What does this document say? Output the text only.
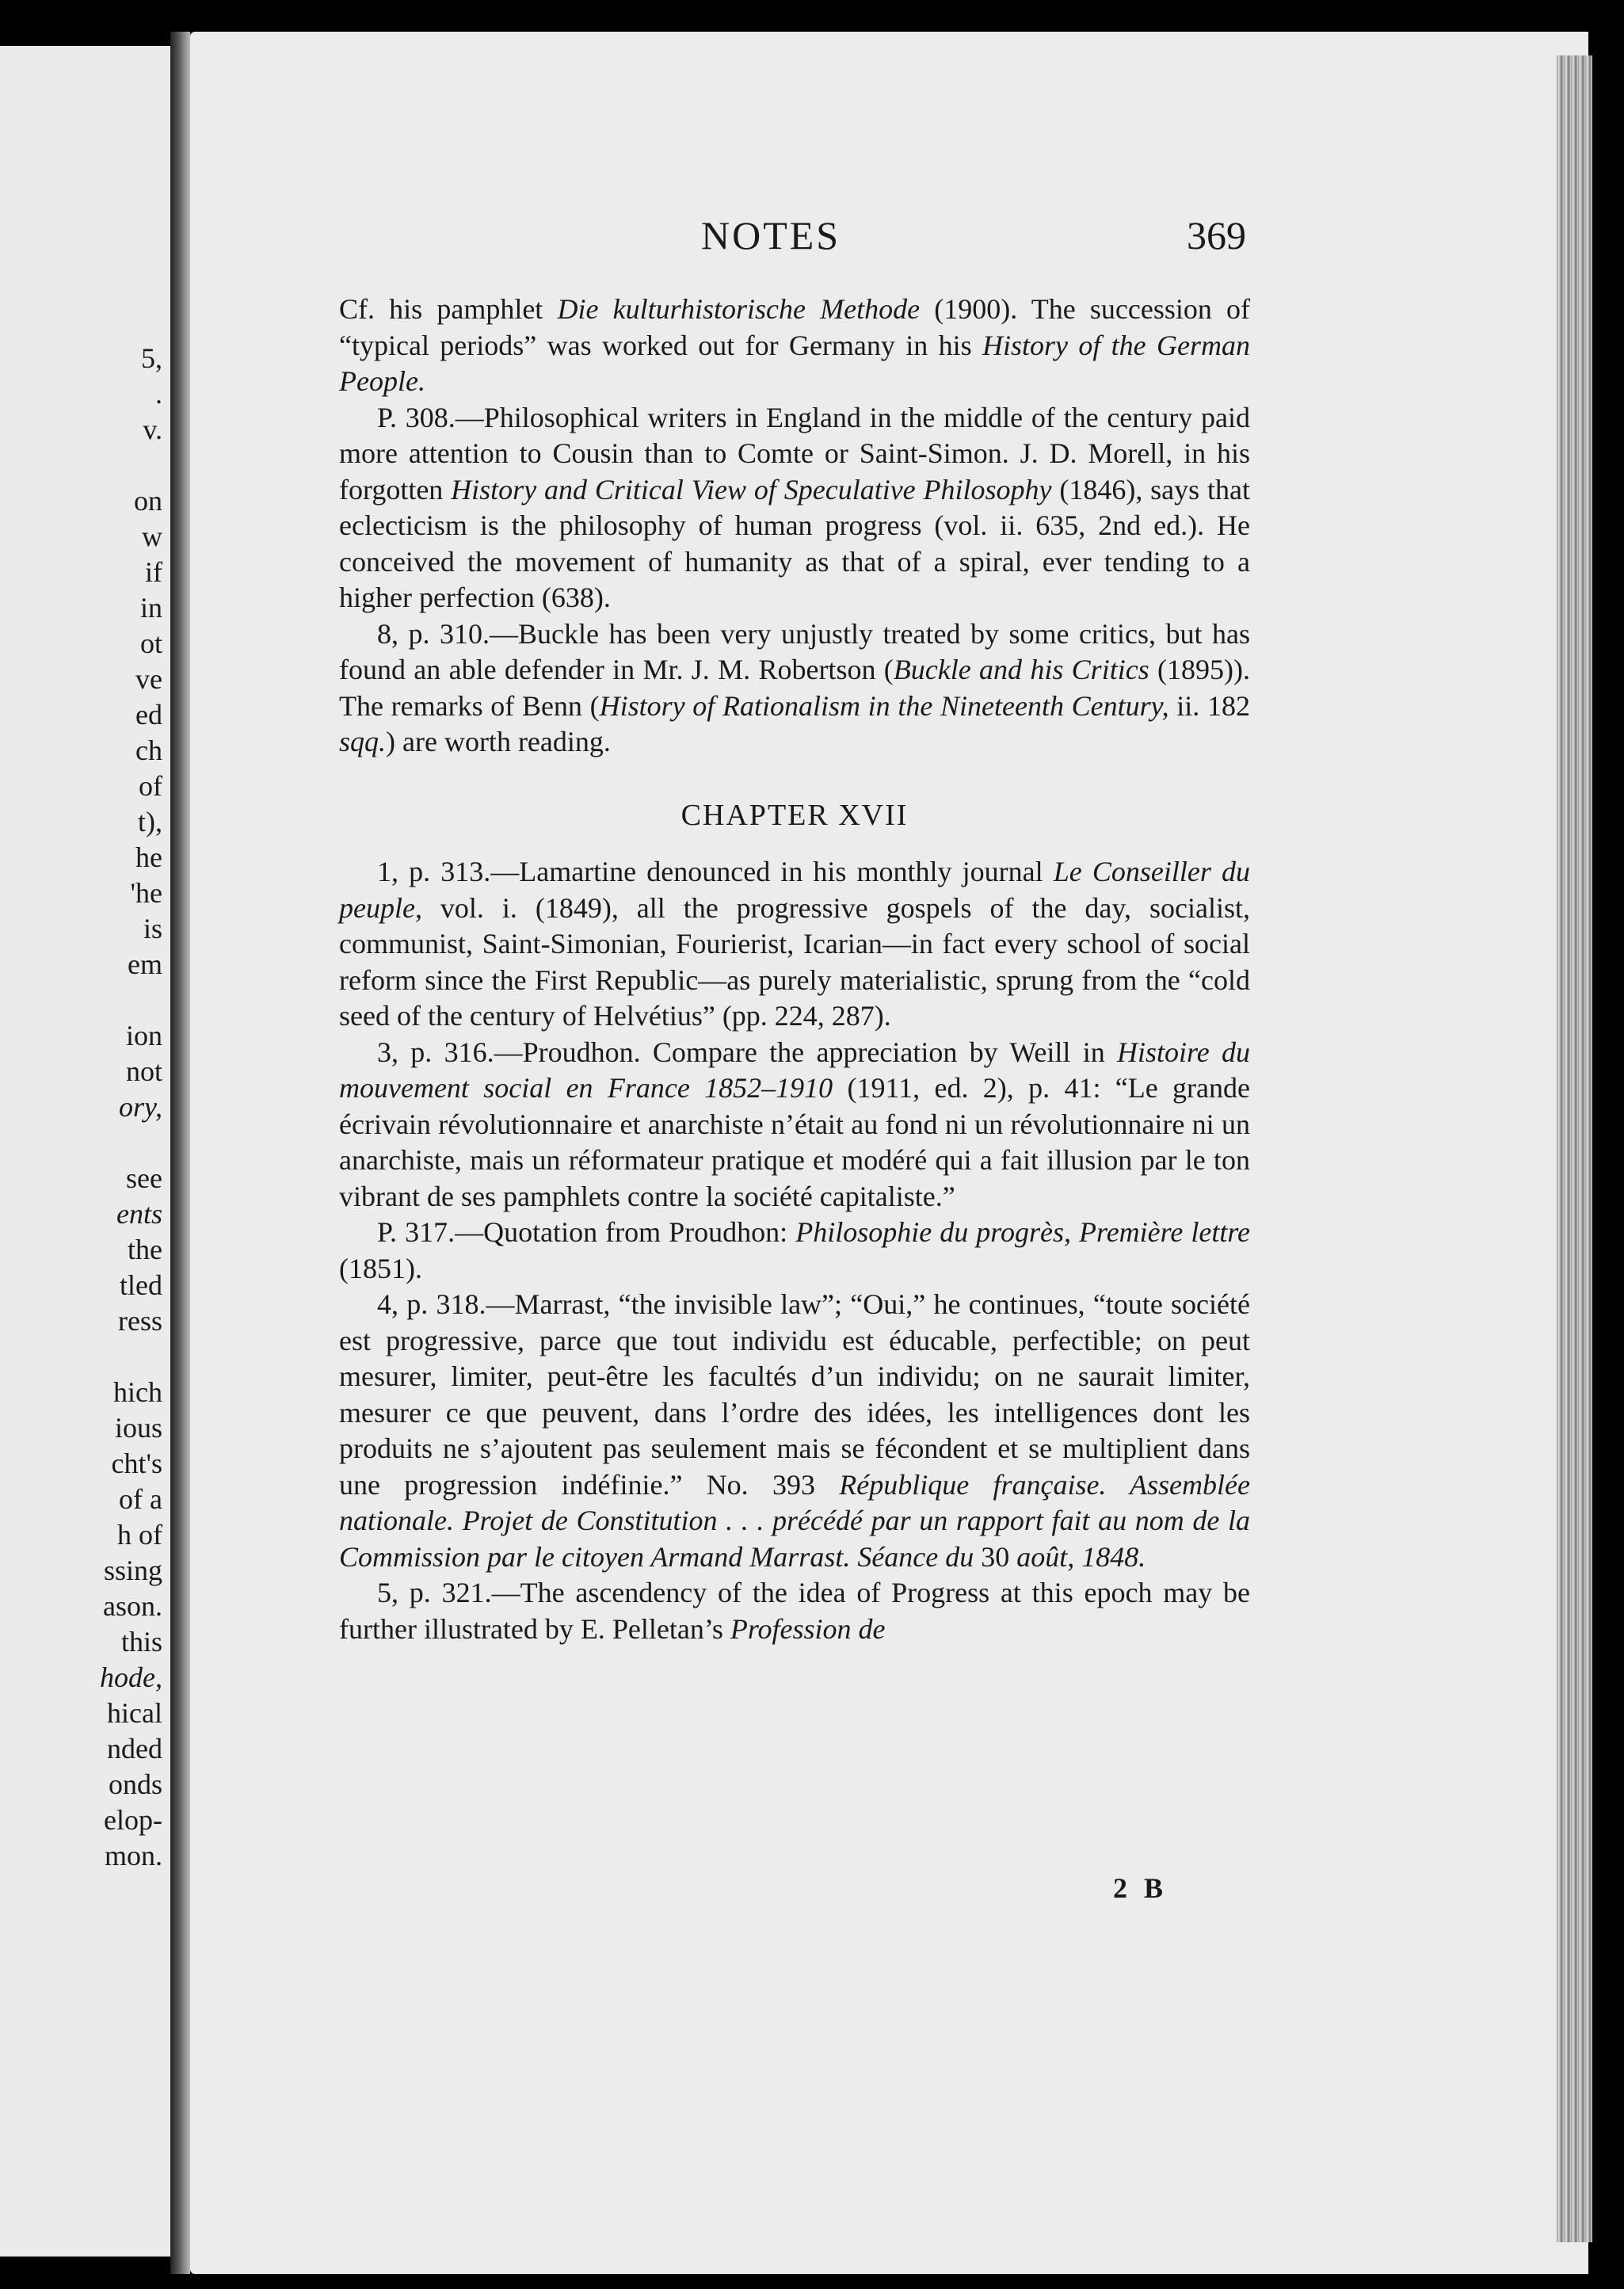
5,
.
v.
on
w
if
in
ot
ve
ed
ch
of
t),
he
'he
is
em
ion
not
ory,
see
ents
the
tled
ress
hich
ious
cht's
of a
h of
ssing
ason.
this
hode,
hical
nded
onds
elop-
mon.
NOTES	369

Cf. his pamphlet Die kulturhistorische Methode (1900). The succession of “typical periods” was worked out for Germany in his History of the German People.

P. 308.—Philosophical writers in England in the middle of the century paid more attention to Cousin than to Comte or Saint-Simon. J. D. Morell, in his forgotten History and Critical View of Speculative Philosophy (1846), says that eclecticism is the philosophy of human progress (vol. ii. 635, 2nd ed.). He conceived the movement of humanity as that of a spiral, ever tending to a higher perfection (638).

8, p. 310.—Buckle has been very unjustly treated by some critics, but has found an able defender in Mr. J. M. Robertson (Buckle and his Critics (1895)). The remarks of Benn (History of Rationalism in the Nineteenth Century, ii. 182 sqq.) are worth reading.

CHAPTER XVII

1, p. 313.—Lamartine denounced in his monthly journal Le Conseiller du peuple, vol. i. (1849), all the progressive gospels of the day, socialist, communist, Saint-Simonian, Fourierist, Icarian—in fact every school of social reform since the First Republic—as purely materialistic, sprung from the “cold seed of the century of Helvétius” (pp. 224, 287).

3, p. 316.—Proudhon. Compare the appreciation by Weill in Histoire du mouvement social en France 1852–1910 (1911, ed. 2), p. 41: “Le grande écrivain révolutionnaire et anarchiste n’était au fond ni un révolutionnaire ni un anarchiste, mais un réformateur pratique et modéré qui a fait illusion par le ton vibrant de ses pamphlets contre la société capitaliste.”

P. 317.—Quotation from Proudhon: Philosophie du progrès, Première lettre (1851).

4, p. 318.—Marrast, “the invisible law”; “Oui,” he continues, “toute société est progressive, parce que tout individu est éducable, perfectible; on peut mesurer, limiter, peut-être les facultés d’un individu; on ne saurait limiter, mesurer ce que peuvent, dans l’ordre des idées, les intelligences dont les produits ne s’ajoutent pas seulement mais se fécondent et se multiplient dans une progression indéfinie.” No. 393 République française. Assemblée nationale. Projet de Constitution . . . précédé par un rapport fait au nom de la Commission par le citoyen Armand Marrast. Séance du 30 août, 1848.

5, p. 321.—The ascendency of the idea of Progress at this epoch may be further illustrated by E. Pelletan’s Profession de

2 B
